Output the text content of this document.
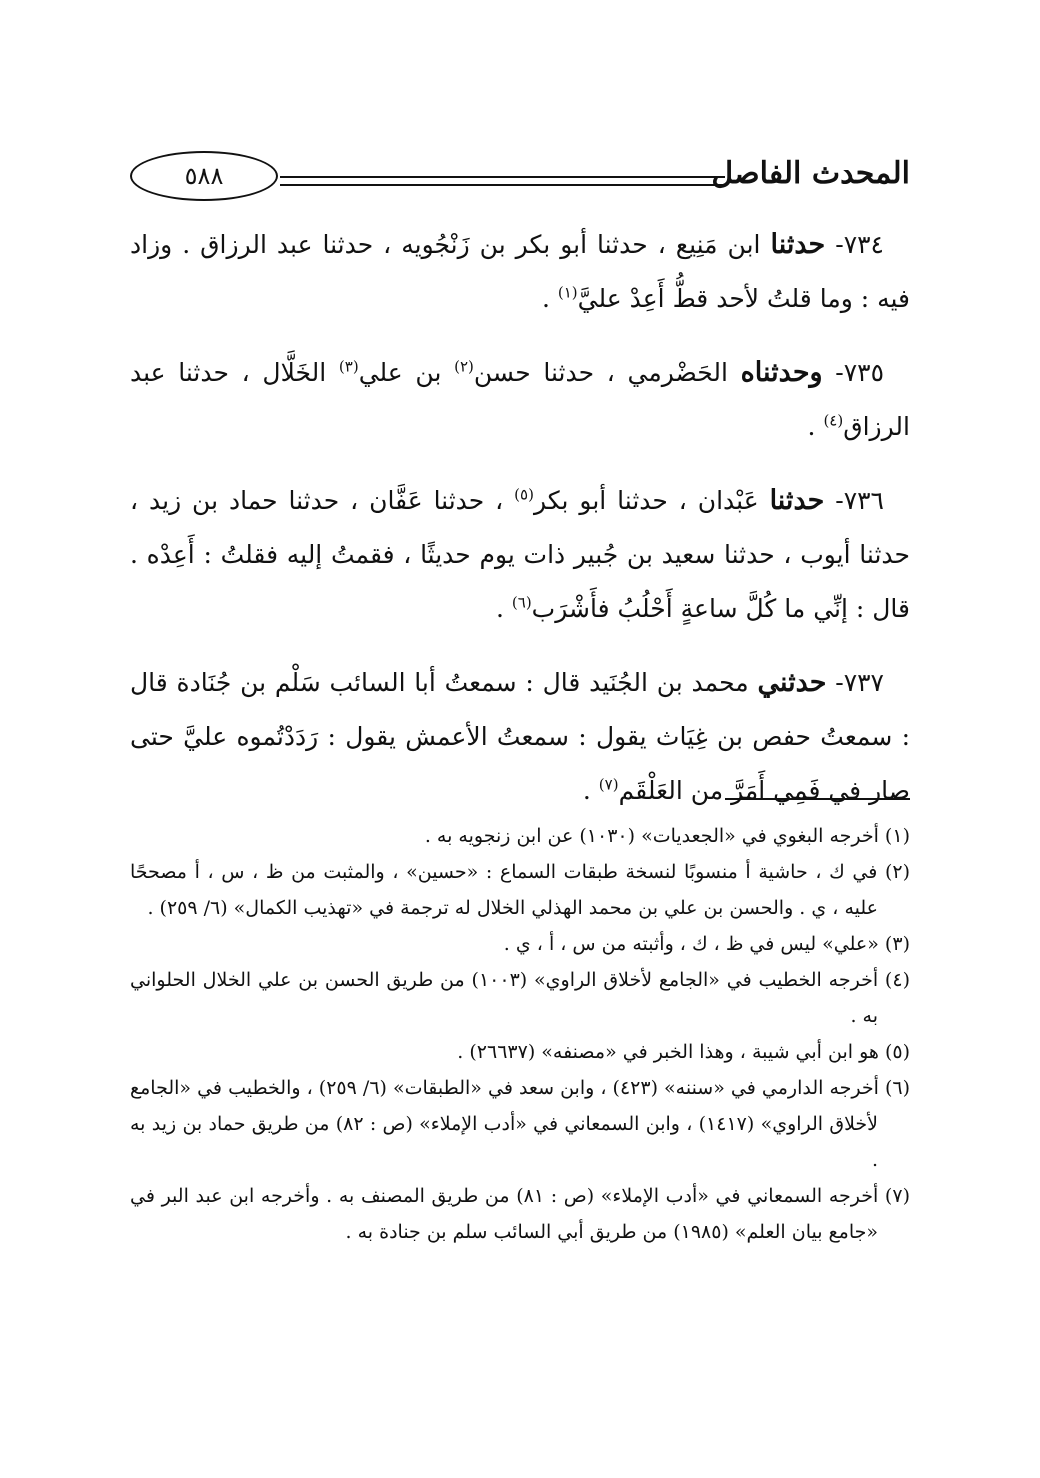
٥٨٨	المحدث الفاصل

٧٣٤- حدثنا ابن مَنِيع ، حدثنا أبو بكر بن زَنْجُويه ، حدثنا عبد الرزاق . وزاد فيه : وما قلتُ لأحد قطُّ أَعِدْ عليَّ$^{(١)}$ .

٧٣٥- وحدثناه الحَضْرمي ، حدثنا حسن$^{(٢)}$ بن علي$^{(٣)}$ الخَلَّال ، حدثنا عبد الرزاق$^{(٤)}$ .

٧٣٦- حدثنا عَبْدان ، حدثنا أبو بكر$^{(٥)}$ ، حدثنا عَفَّان ، حدثنا حماد بن زيد ، حدثنا أيوب ، حدثنا سعيد بن جُبير ذات يوم حديثًا ، فقمتُ إليه فقلتُ : أَعِدْه . قال : إنِّي ما كُلَّ ساعةٍ أَحْلُبُ فأَشْرَب$^{(٦)}$ .

٧٣٧- حدثني محمد بن الجُنَيد قال : سمعتُ أبا السائب سَلْم بن جُنَادة قال : سمعتُ حفص بن غِيَاث يقول : سمعتُ الأعمش يقول : رَدَدْتُموه عليَّ حتى صار في فَمِي أَمَرَّ من العَلْقَم$^{(٧)}$ .

(١) أخرجه البغوي في «الجعديات» (١٠٣٠) عن ابن زنجويه به .

(٢) في ك ، حاشية أ منسوبًا لنسخة طبقات السماع : «حسين» ، والمثبت من ظ ، س ، أ مصححًا عليه ، ي . والحسن بن علي بن محمد الهذلي الخلال له ترجمة في «تهذيب الكمال» (٦/ ٢٥٩) .

(٣) «علي» ليس في ظ ، ك ، وأثبته من س ، أ ، ي .

(٤) أخرجه الخطيب في «الجامع لأخلاق الراوي» (١٠٠٣) من طريق الحسن بن علي الخلال الحلواني به .

(٥) هو ابن أبي شيبة ، وهذا الخبر في «مصنفه» (٢٦٦٣٧) .

(٦) أخرجه الدارمي في «سننه» (٤٢٣) ، وابن سعد في «الطبقات» (٦/ ٢٥٩) ، والخطيب في «الجامع لأخلاق الراوي» (١٤١٧) ، وابن السمعاني في «أدب الإملاء» (ص : ٨٢) من طريق حماد بن زيد به .

(٧) أخرجه السمعاني في «أدب الإملاء» (ص : ٨١) من طريق المصنف به . وأخرجه ابن عبد البر في «جامع بيان العلم» (١٩٨٥) من طريق أبي السائب سلم بن جنادة به .
